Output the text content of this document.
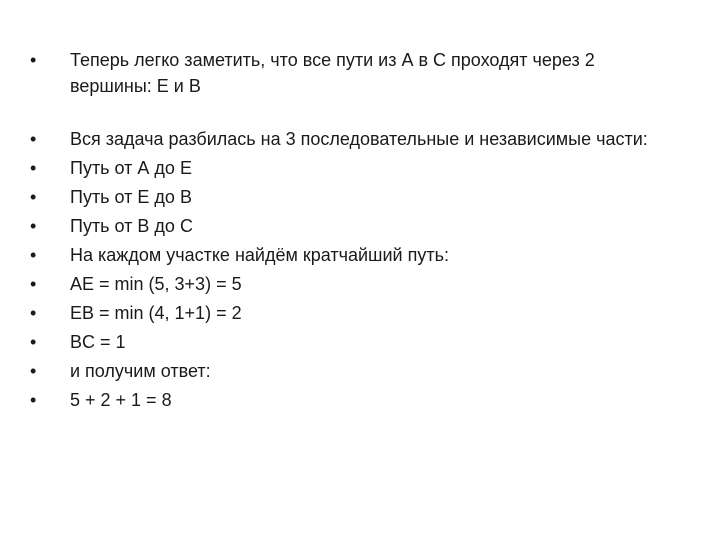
• Теперь легко заметить, что все пути из А в С проходят через 2 вершины: Е и В
• Вся задача разбилась на 3 последовательные и независимые части:
• Путь от А до Е
• Путь от Е до В
• Путь от В до С
• На каждом участке найдём кратчайший путь:
• AE = min (5, 3+3) = 5
• EB = min (4, 1+1) = 2
• BC = 1
• и получим ответ:
• 5 + 2 + 1 = 8
